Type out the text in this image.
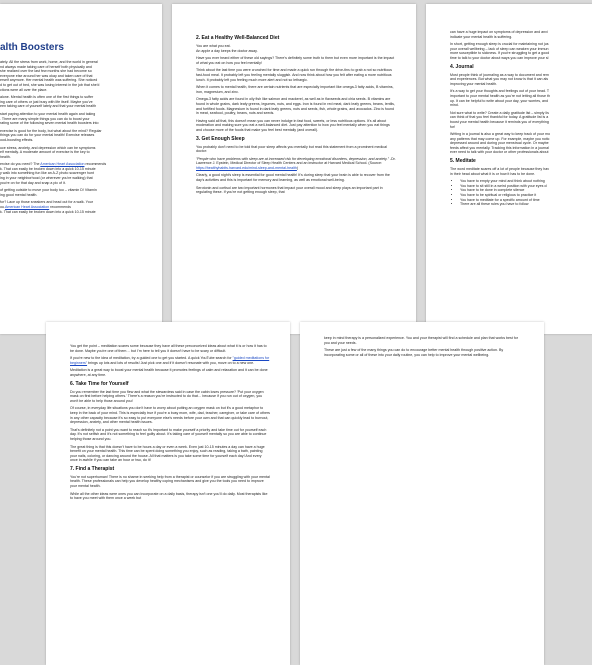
alth Boosters
ately. All the stress from work, home, and the world in general
nd always made taking care of herself both physically and
she realized over the last few months she had become so
everyone else around her was okay and taken care of that
erself anymore. Her mental health was suffering. She noticed
d to get out of bed, she was losing interest in the job that she'd
ctions were all over the place.
alone. Mental health is often one of the first things to suffer
ing care of others or just busy with life itself. Maybe you've
een taking care of yourself lately and that your mental health
start paying attention to your mental health again and taking
. There are many simple things you can do to boost your
rating some of the following seven mental health boosters into
exercise is good for the body, but what about the mind? Regular
things you can do for your mental health! Exercise releases
ood-boosting effects.
uce stress, anxiety, and depression which can be symptoms
elf mentally. A moderate amount of exercise is the key to
health.
ercise do you need? The American Heart Association recommends
k. That can easily be broken down into a quick 10-15 minute
y walk into something fun like an A-Z photo scavenger hunt
ing in your neighborhood (or wherever you're walking) that
you're on for that day and snap a pic of it.
of getting outside to move your body too – vitamin D! Vitamin
ing good mental health.
for? Lace up those sneakers and head out for a walk. Your
ou.American Heart Association recommends
k. That can easily be broken down into a quick 10-15 minute
2. Eat a Healthy Well-Balanced Diet

You are what you eat.

An apple a day keeps the doctor away.

Have you ever heard either of these old sayings? There's definitely some truth to them but even more important is the impact of what you eat on how you feel mentally!

Think about the last time you were crunched for time and made a quick run through the drive-thru to grab a not so nutritious fast-food meal. It probably left you feeling mentally sluggish. And now think about how you felt after eating a more nutritious lunch. It probably left you feeling much more alert and not so lethargic.

When it comes to mental health, there are certain nutrients that are especially important like omega-3 fatty acids, B vitamins, iron, magnesium, and zinc.

Omega-3 fatty acids are found in oily fish like salmon and mackerel, as well as in flaxseeds and chia seeds. B vitamins are found in whole grains, dark leafy greens, legumes, nuts, and eggs. Iron is found in red meat, dark leafy greens, beans, lentils, and fortified foods. Magnesium is found in dark leafy greens, nuts and seeds, fish, whole grains, and avocados. Zinc is found in meat, seafood, poultry, beans, nuts and seeds.

Having said all that, this doesn't mean you can never indulge in fast food, sweets, or less nutritious options. It's all about moderation and making sure you eat a well-balanced diet. Just pay attention to how you feel mentally when you eat things and choose more of the foods that make you feel best mentally (and overall).

3. Get Enough Sleep

You probably don't need to be told that poor sleep affects you mentally but read this statement from a prominent medical doctor:

"People who have problems with sleep are at increased risk for developing emotional disorders, depression, and anxiety." -Dr. Lawrence J. Epstein, Medical Director of Sleep Health Centers and an instructor at Harvard Medical School. (Source: https://healthyhabits.harvard.edu/mind-sleep-and-mental-health)

Clearly, a good night's sleep is essential for good mental health! It's during sleep that your brain is able to recover from the day's activities and this is important for memory and learning, as well as emotional well-being.

Serotonin and cortisol are two important hormones that impact your overall mood and sleep plays an important part in regulating these. If you're not getting enough sleep, that

can have a huge impact on symptoms of depression and anxi
indicate your mental health is suffering.
In short, getting enough sleep is crucial for maintaining not jus
your overall wellbeing – lack of sleep can weaken your immun
more susceptible to sickness. If you're struggling to get a good
time to talk to your doctor about ways you can improve your sl
4. Journal
Most people think of journaling as a way to document and rem
and experiences. But what you may not know is that it can als
improving your mental health.
It's a way to get your thoughts and feelings out of your head. T
important to your mental health as you're not letting all those th
up. It can be helpful to write about your day, your worries, and
mind.
Not sure what to write? Create a daily gratitude list – simply lis
can think of that you feel thankful for today. A gratitude list is a
boost your mental health because it reminds you of everything
for!
Writing in a journal is also a great way to keep track of your mo
any patterns that may come up. For example, maybe you notic
depressed around and during your menstrual cycle. Or maybe
feeds affect you mentally. Tracking this information in a journal
ever need to talk with your doctor or other professionals about
5. Meditate
The word meditate scares off a lot of people because they hav
in their head about what it is or how it has to be done.
• You have to empty your mind and think about nothing
• You have to sit still in a weird position with your eyes cl
• You have to be done in complete silence
• You have to be spiritual or religious to practice it
• You have to meditate for a specific amount of time
• There are all these rules you have to follow

You get the point – meditation scares some because they have all these preconceived ideas about what it is or how it has to be done. Maybe you're one of them… but I'm here to tell you it doesn't have to be scary or difficult.

If you're new to the idea of meditation, try a guided one to get you started. A quick YouTube search for "guided meditations for beginners" brings up lots and lots of results! Just pick one and if it doesn't resonate with you, move on to a new one.

Meditation is a great way to boost your mental health because it promotes feelings of calm and relaxation and it can be done anywhere, at any time.

6. Take Time for Yourself

Do you remember the last time you flew and what the stewardess said in case the cabin loses pressure? 'Put your oxygen mask on first before helping others.' There's a reason you're instructed to do that… because if you run out of oxygen, you won't be able to help those around you!

Of course, in everyday life situations you don't have to worry about putting an oxygen mask on but it's a good metaphor to keep in the back of your mind. This is especially true if you're a busy mom, wife, dad, teacher, caregiver, or take care of others in any other capacity because it's so easy to put everyone else's needs before your own and that can quickly lead to burnout, depression, anxiety, and other mental health issues.

That's definitely not a point you want to reach so it's important to make yourself a priority and take time out for yourself each day. It's not selfish and it's not something to feel guilty about. It's taking care of yourself mentally so you are able to continue helping those around you.

The great thing is that this doesn't have to be hours a day or even a week. Even just 10-15 minutes a day can have a huge benefit on your mental health. This time can be spent doing something you enjoy, such as reading, taking a bath, painting your nails, coloring, or dancing around the house. All that matters is you take some time for yourself each day! And every once in awhile if you can take an hour or two, do it!

7. Find a Therapist

You're not superhuman! There is no shame in seeking help from a therapist or counselor if you are struggling with your mental health. These professionals can help you develop healthy coping mechanisms and give you the tools you need to improve your mental health.

While all the other ideas were ones you can incorporate on a daily basis, therapy isn't one you'll do daily. Most therapists like to have you meet with them once a week but

keep in mind therapy is a personalized experience. You and your therapist will find a schedule and plan that works best for you and your needs.

These are just a few of the many things you can do to encourage better mental health through positive action. By incorporating some or all of these into your daily routine, you can help to improve your mental wellbeing.
